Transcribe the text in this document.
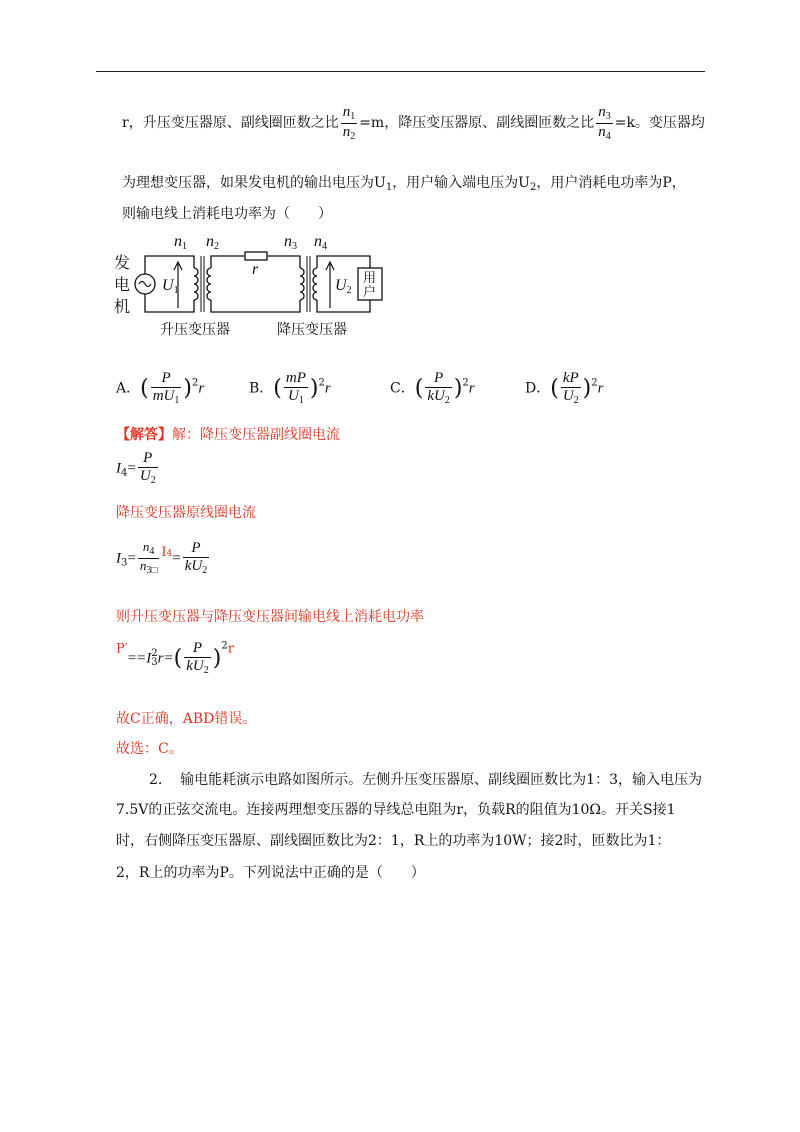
r，升压变压器原、副线圈匝数之比 $\frac{n_1}{n_2} =m$，降压变压器原、副线圈匝数之比 $\frac{n_3}{n_4} =k$。变压器均
为理想变压器，如果发电机的输出电压为$U_1$，用户输入端电压为$U_2$，用户消耗电功率为P，
则输电线上消耗电功率为（　　）
发
电
机
用
户
n1 n2
r
n3 n4
U1	U2
升压变压器	降压变压器
A．( $\frac{P}{mU_1} )^2r$	B．( $\frac{mP}{U_1} )^2r$	C．( $\frac{P}{kU_2} )^2r$	D．( $\frac{kP}{U_2} )^2r$
【解答】解：降压变压器副线圈电流
$I_4= \frac{P}{U_2}$
降压变压器原线圈电流
$I_3= \frac{n_4}{n_{3□}} I4= \frac{P}{kU_2}$
则升压变压器与降压变压器间输电线上消耗电功率
P′==I 2
3 $r=( \frac{P}{kU_2} )^2r$
故C正确，ABD错误。
故选：C。
2. 输电能耗演示电路如图所示。左侧升压变压器原、副线圈匝数比为1：3，输入电压为
7.5V的正弦交流电。连接两理想变压器的导线总电阻为r，负载R的阻值为10Ω。开关S接1
时，右侧降压变压器原、副线圈匝数比为2：1，R上的功率为10W；接2时，匝数比为1：
2，R上的功率为P。下列说法中正确的是（　　）
